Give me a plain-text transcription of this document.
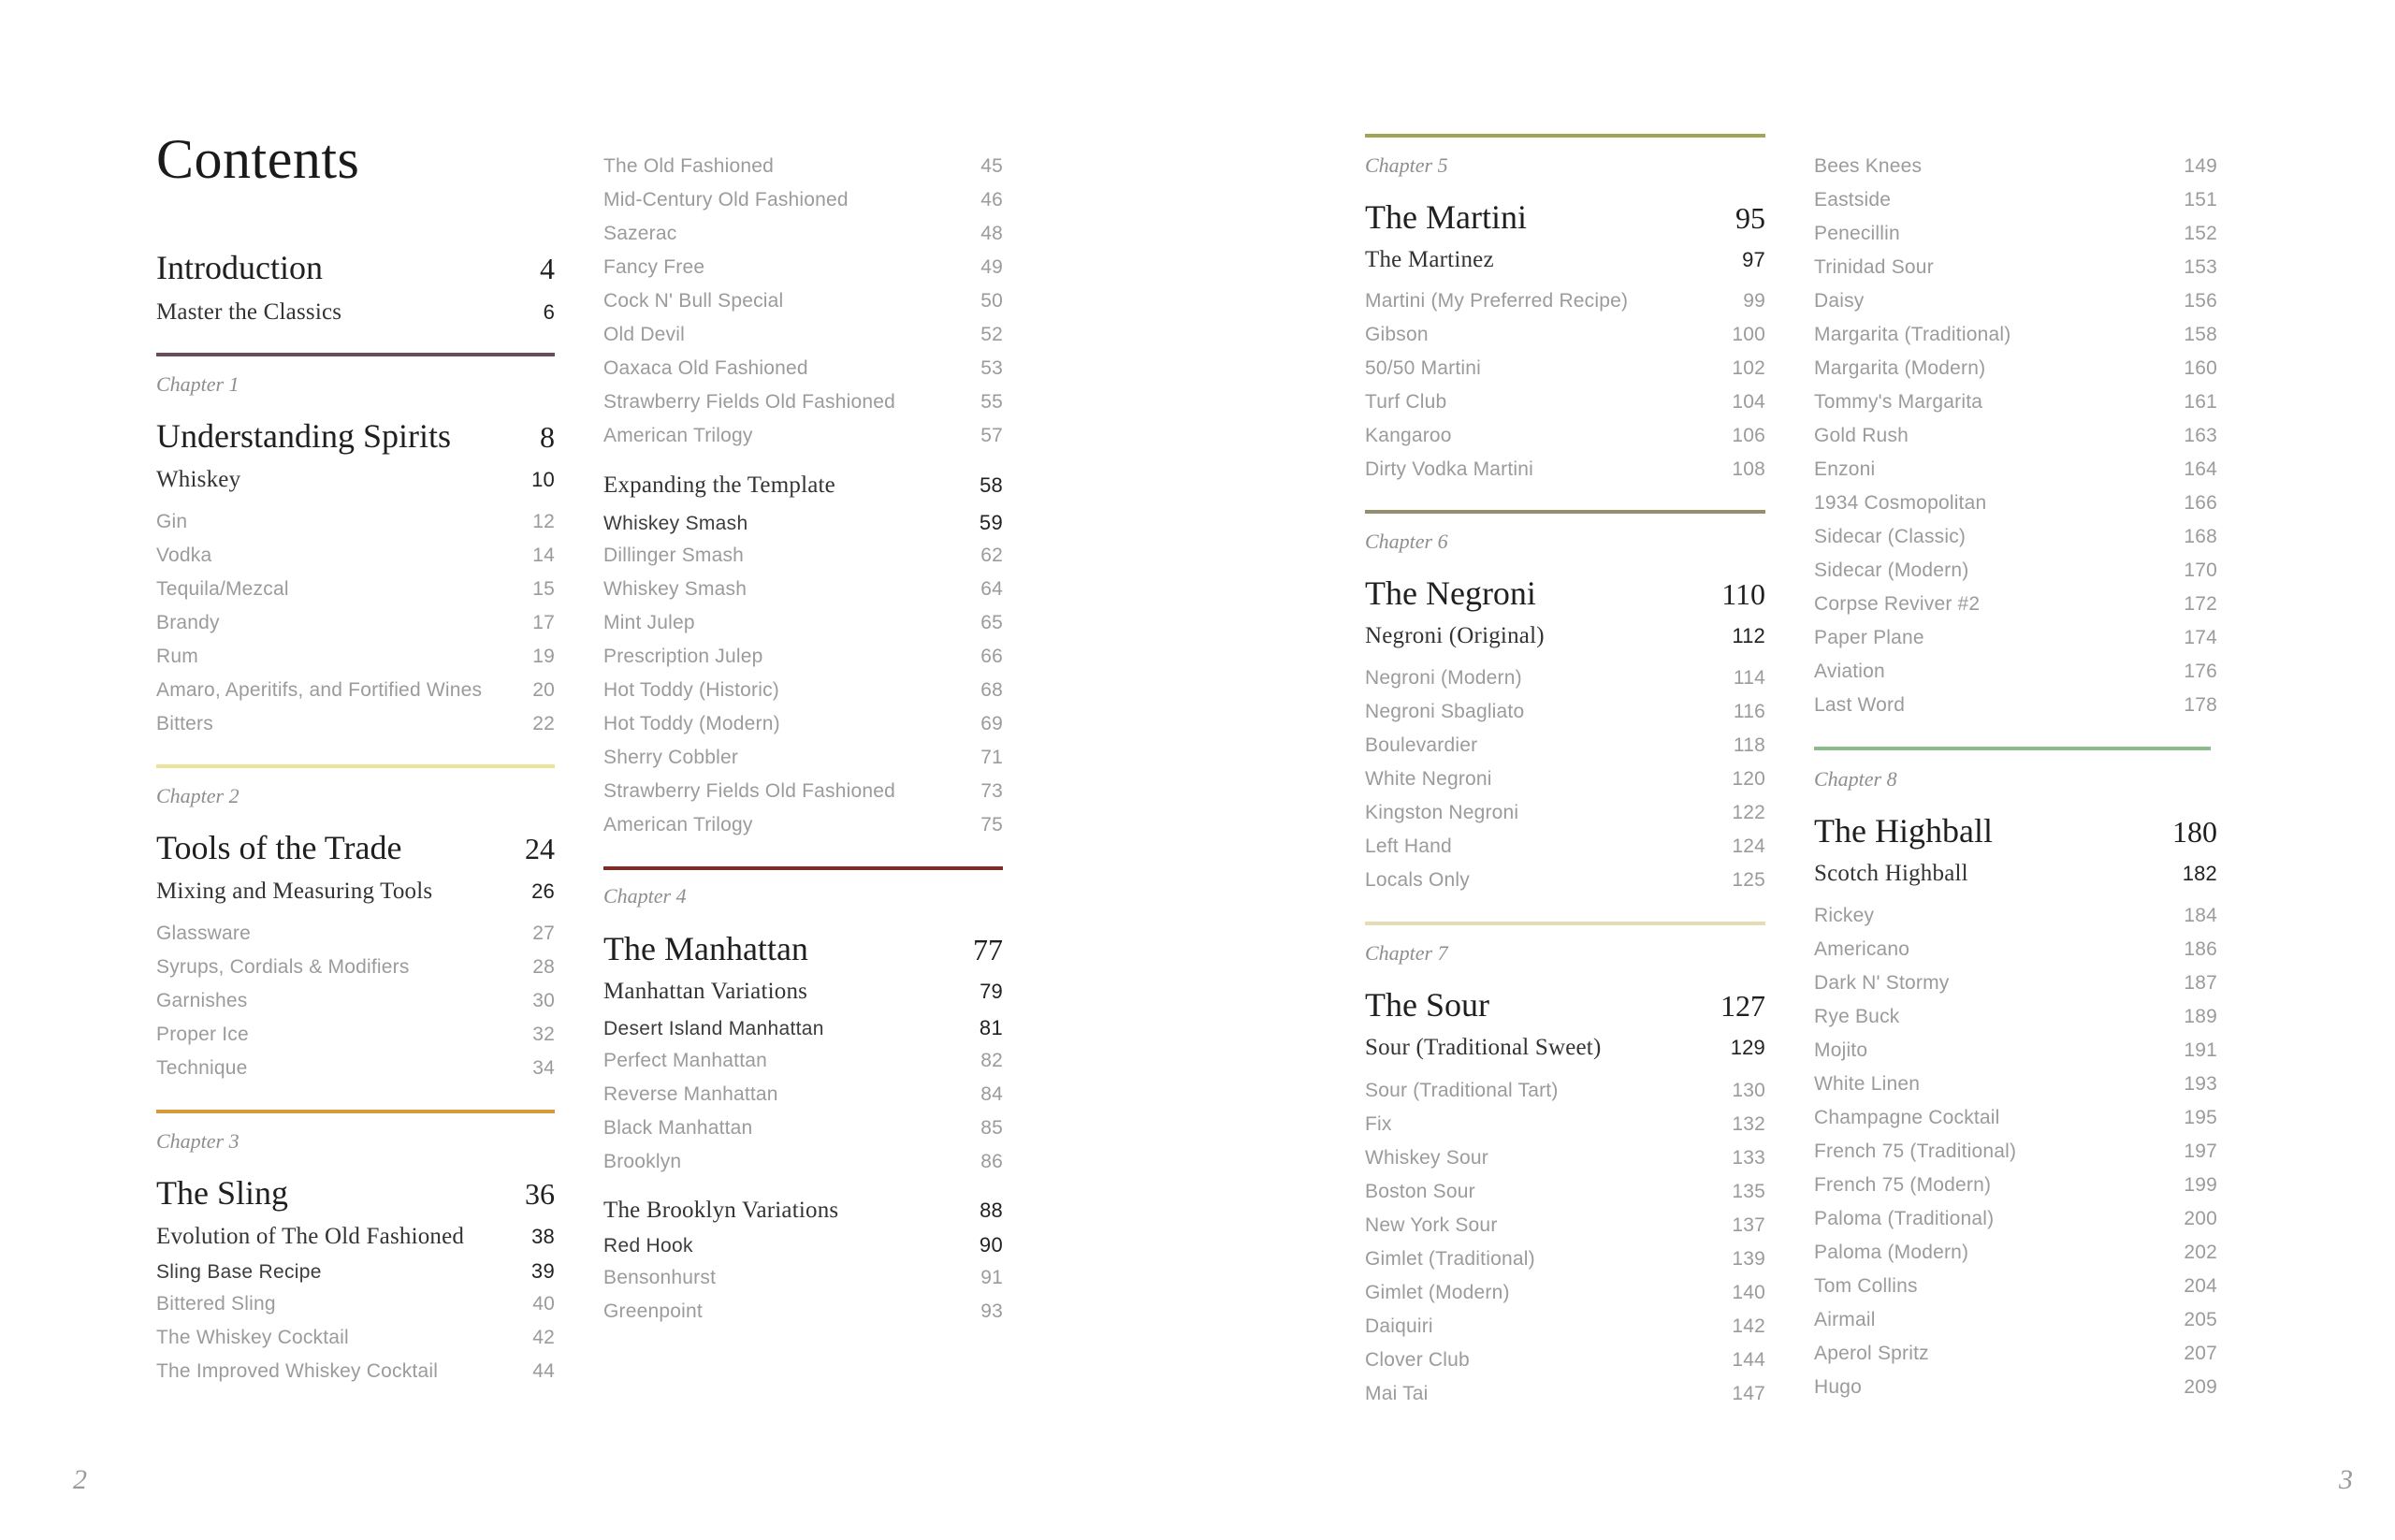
Contents
Introduction	4
Master the Classics	6
Chapter 1
Understanding Spirits	8
Whiskey	10
Gin	12
Vodka	14
Tequila/Mezcal	15
Brandy	17
Rum	19
Amaro, Aperitifs, and Fortified Wines	20
Bitters	22
Chapter 2
Tools of the Trade	24
Mixing and Measuring Tools	26
Glassware	27
Syrups, Cordials & Modifiers	28
Garnishes	30
Proper Ice	32
Technique	34
Chapter 3
The Sling	36
Evolution of The Old Fashioned	38
Sling Base Recipe	39
Bittered Sling	40
The Whiskey Cocktail	42
The Improved Whiskey Cocktail	44
The Old Fashioned	45
Mid-Century Old Fashioned	46
Sazerac	48
Fancy Free	49
Cock N' Bull Special	50
Old Devil	52
Oaxaca Old Fashioned	53
Strawberry Fields Old Fashioned	55
American Trilogy	57
Expanding the Template	58
Whiskey Smash	59
Dillinger Smash	62
Whiskey Smash	64
Mint Julep	65
Prescription Julep	66
Hot Toddy (Historic)	68
Hot Toddy (Modern)	69
Sherry Cobbler	71
Strawberry Fields Old Fashioned	73
American Trilogy	75
Chapter 4
The Manhattan	77
Manhattan Variations	79
Desert Island Manhattan	81
Perfect Manhattan	82
Reverse Manhattan	84
Black Manhattan	85
Brooklyn	86
The Brooklyn Variations	88
Red Hook	90
Bensonhurst	91
Greenpoint	93
2
Chapter 5
The Martini	95
The Martinez	97
Martini (My Preferred Recipe)	99
Gibson	100
50/50 Martini	102
Turf Club	104
Kangaroo	106
Dirty Vodka Martini	108
Chapter 6
The Negroni	110
Negroni (Original)	112
Negroni (Modern)	114
Negroni Sbagliato	116
Boulevardier	118
White Negroni	120
Kingston Negroni	122
Left Hand	124
Locals Only	125
Chapter 7
The Sour	127
Sour (Traditional Sweet)	129
Sour (Traditional Tart)	130
Fix	132
Whiskey Sour	133
Boston Sour	135
New York Sour	137
Gimlet (Traditional)	139
Gimlet (Modern)	140
Daiquiri	142
Clover Club	144
Mai Tai	147
Bees Knees	149
Eastside	151
Penecillin	152
Trinidad Sour	153
Daisy	156
Margarita (Traditional)	158
Margarita (Modern)	160
Tommy's Margarita	161
Gold Rush	163
Enzoni	164
1934 Cosmopolitan	166
Sidecar (Classic)	168
Sidecar (Modern)	170
Corpse Reviver #2	172
Paper Plane	174
Aviation	176
Last Word	178
Chapter 8
The Highball	180
Scotch Highball	182
Rickey	184
Americano	186
Dark N' Stormy	187
Rye Buck	189
Mojito	191
White Linen	193
Champagne Cocktail	195
French 75 (Traditional)	197
French 75 (Modern)	199
Paloma (Traditional)	200
Paloma (Modern)	202
Tom Collins	204
Airmail	205
Aperol Spritz	207
Hugo	209
3
